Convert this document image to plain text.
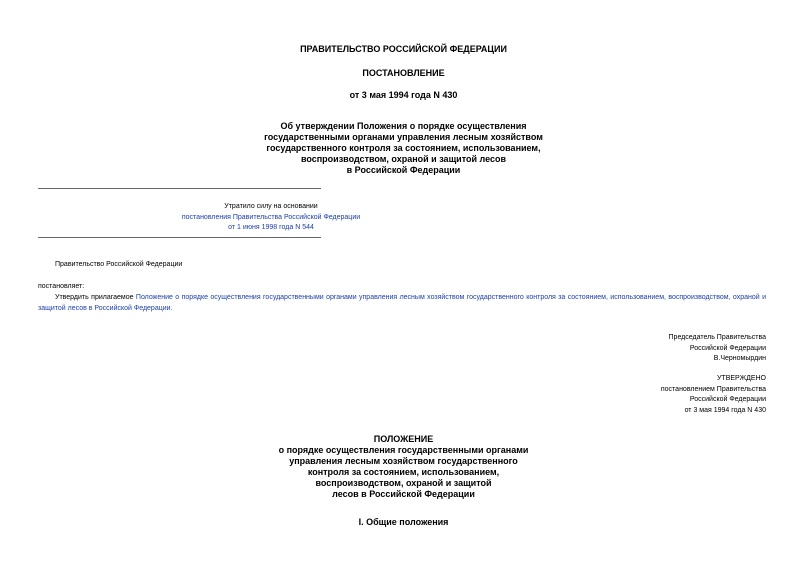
ПРАВИТЕЛЬСТВО РОССИЙСКОЙ ФЕДЕРАЦИИ
ПОСТАНОВЛЕНИЕ
от 3 мая 1994 года N 430
Об утверждении Положения о порядке осуществления
государственными органами управления лесным хозяйством
государственного контроля за состоянием, использованием,
воспроизводством, охраной и защитой лесов
в Российской Федерации
Утратило силу на основании
постановления Правительства Российской Федерации
от 1 июня 1998 года N 544
Правительство Российской Федерации
постановляет:
Утвердить прилагаемое Положение о порядке осуществления государственными органами управления лесным хозяйством государственного контроля за состоянием, использованием, воспроизводством, охраной и защитой лесов в Российской Федерации.
Председатель Правительства
Российской Федерации
В.Черномырдин
УТВЕРЖДЕНО
постановлением Правительства
Российской Федерации
от 3 мая 1994 года N 430
ПОЛОЖЕНИЕ
о порядке осуществления государственными органами
управления лесным хозяйством государственного
контроля за состоянием, использованием,
воспроизводством, охраной и защитой
лесов в Российской Федерации
I. Общие положения
